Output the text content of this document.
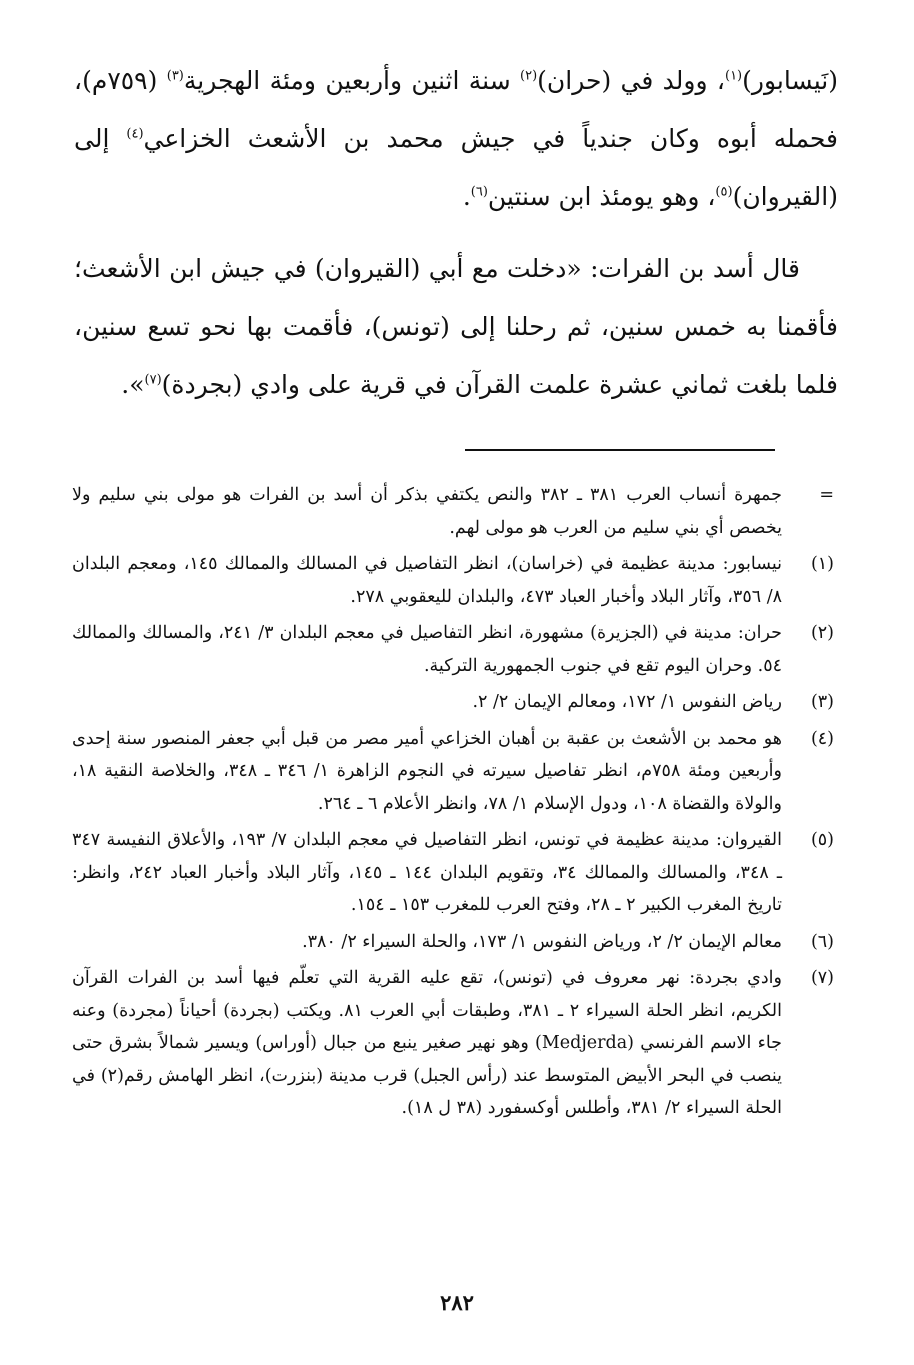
(نَيسابور)$^{(١)}$، وولد في (حران)$^{(٢)}$ سنة اثنين وأربعين ومئة الهجرية$^{(٣)}$ (٧٥٩م)، فحمله أبوه وكان جندياً في جيش محمد بن الأشعث الخزاعي$^{(٤)}$ إلى (القيروان)$^{(٥)}$، وهو يومئذ ابن سنتين$^{(٦)}$.

قال أسد بن الفرات: «دخلت مع أبي (القيروان) في جيش ابن الأشعث؛ فأقمنا به خمس سنين، ثم رحلنا إلى (تونس)، فأقمت بها نحو تسع سنين، فلما بلغت ثماني عشرة علمت القرآن في قرية على وادي (بجردة)$^{(٧)}$».

=
جمهرة أنساب العرب ٣٨١ ـ ٣٨٢ والنص يكتفي بذكر أن أسد بن الفرات هو مولى بني سليم ولا يخصص أي بني سليم من العرب هو مولى لهم.
(١)
نيسابور: مدينة عظيمة في (خراسان)، انظر التفاصيل في المسالك والممالك ١٤٥، ومعجم البلدان ٨/ ٣٥٦، وآثار البلاد وأخبار العباد ٤٧٣، والبلدان لليعقوبي ٢٧٨.
(٢)
حران: مدينة في (الجزيرة) مشهورة، انظر التفاصيل في معجم البلدان ٣/ ٢٤١، والمسالك والممالك ٥٤. وحران اليوم تقع في جنوب الجمهورية التركية.
(٣)
رياض النفوس ١/ ١٧٢، ومعالم الإيمان ٢/ ٢.
(٤)
هو محمد بن الأشعث بن عقبة بن أهبان الخزاعي أمير مصر من قبل أبي جعفر المنصور سنة إحدى وأربعين ومئة ٧٥٨م، انظر تفاصيل سيرته في النجوم الزاهرة ١/ ٣٤٦ ـ ٣٤٨، والخلاصة النقية ١٨، والولاة والقضاة ١٠٨، ودول الإسلام ١/ ٧٨، وانظر الأعلام ٦ ـ ٢٦٤.
(٥)
القيروان: مدينة عظيمة في تونس، انظر التفاصيل في معجم البلدان ٧/ ١٩٣، والأعلاق النفيسة ٣٤٧ ـ ٣٤٨، والمسالك والممالك ٣٤، وتقويم البلدان ١٤٤ ـ ١٤٥، وآثار البلاد وأخبار العباد ٢٤٢، وانظر: تاريخ المغرب الكبير ٢ ـ ٢٨، وفتح العرب للمغرب ١٥٣ ـ ١٥٤.
(٦)
معالم الإيمان ٢/ ٢، ورياض النفوس ١/ ١٧٣، والحلة السيراء ٢/ ٣٨٠.
(٧)
وادي بجردة: نهر معروف في (تونس)، تقع عليه القرية التي تعلّم فيها أسد بن الفرات القرآن الكريم، انظر الحلة السيراء ٢ ـ ٣٨١، وطبقات أبي العرب ٨١. ويكتب (بجردة) أحياناً (مجردة) وعنه جاء الاسم الفرنسي (Medjerda) وهو نهير صغير ينبع من جبال (أوراس) ويسير شمالاً بشرق حتى ينصب في البحر الأبيض المتوسط عند (رأس الجبل) قرب مدينة (بنزرت)، انظر الهامش رقم(٢) في الحلة السيراء ٢/ ٣٨١، وأطلس أوكسفورد (٣٨ ل ١٨).
٢٨٢
